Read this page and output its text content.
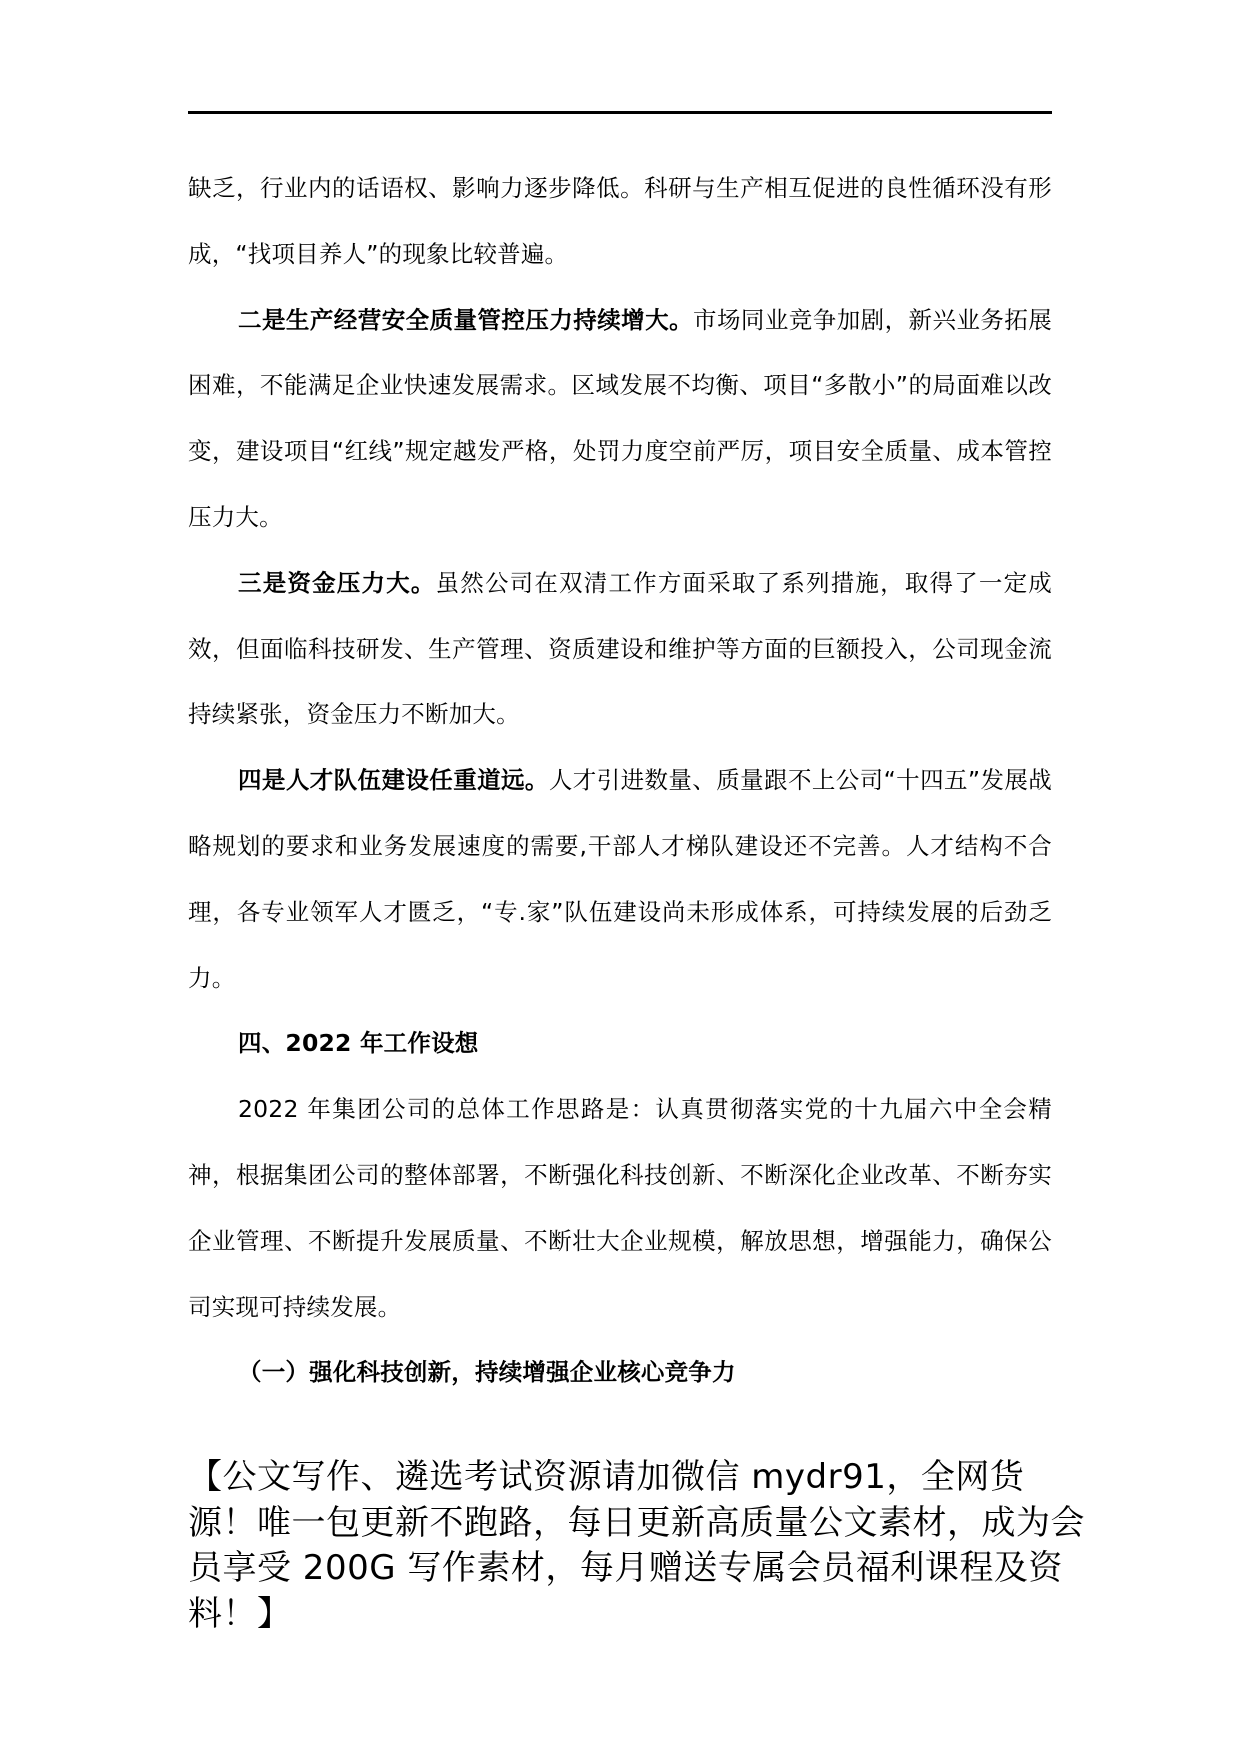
缺乏，行业内的话语权、影响力逐步降低。科研与生产相互促进的良性循环没有形成，“找项目养人”的现象比较普遍。

二是生产经营安全质量管控压力持续增大。市场同业竞争加剧，新兴业务拓展困难，不能满足企业快速发展需求。区域发展不均衡、项目“多散小”的局面难以改变，建设项目“红线”规定越发严格，处罚力度空前严厉，项目安全质量、成本管控压力大。

三是资金压力大。虽然公司在双清工作方面采取了系列措施，取得了一定成效，但面临科技研发、生产管理、资质建设和维护等方面的巨额投入，公司现金流持续紧张，资金压力不断加大。

四是人才队伍建设任重道远。人才引进数量、质量跟不上公司“十四五”发展战略规划的要求和业务发展速度的需要,干部人才梯队建设还不完善。人才结构不合理，各专业领军人才匮乏，“专.家”队伍建设尚未形成体系，可持续发展的后劲乏力。

四、2022 年工作设想

2022 年集团公司的总体工作思路是：认真贯彻落实党的十九届六中全会精神，根据集团公司的整体部署，不断强化科技创新、不断深化企业改革、不断夯实企业管理、不断提升发展质量、不断壮大企业规模，解放思想，增强能力，确保公司实现可持续发展。

（一）强化科技创新，持续增强企业核心竞争力

【公文写作、遴选考试资源请加微信 mydr91，全网货源！唯一包更新不跑路，每日更新高质量公文素材，成为会员享受 200G 写作素材，每月赠送专属会员福利课程及资料！】
